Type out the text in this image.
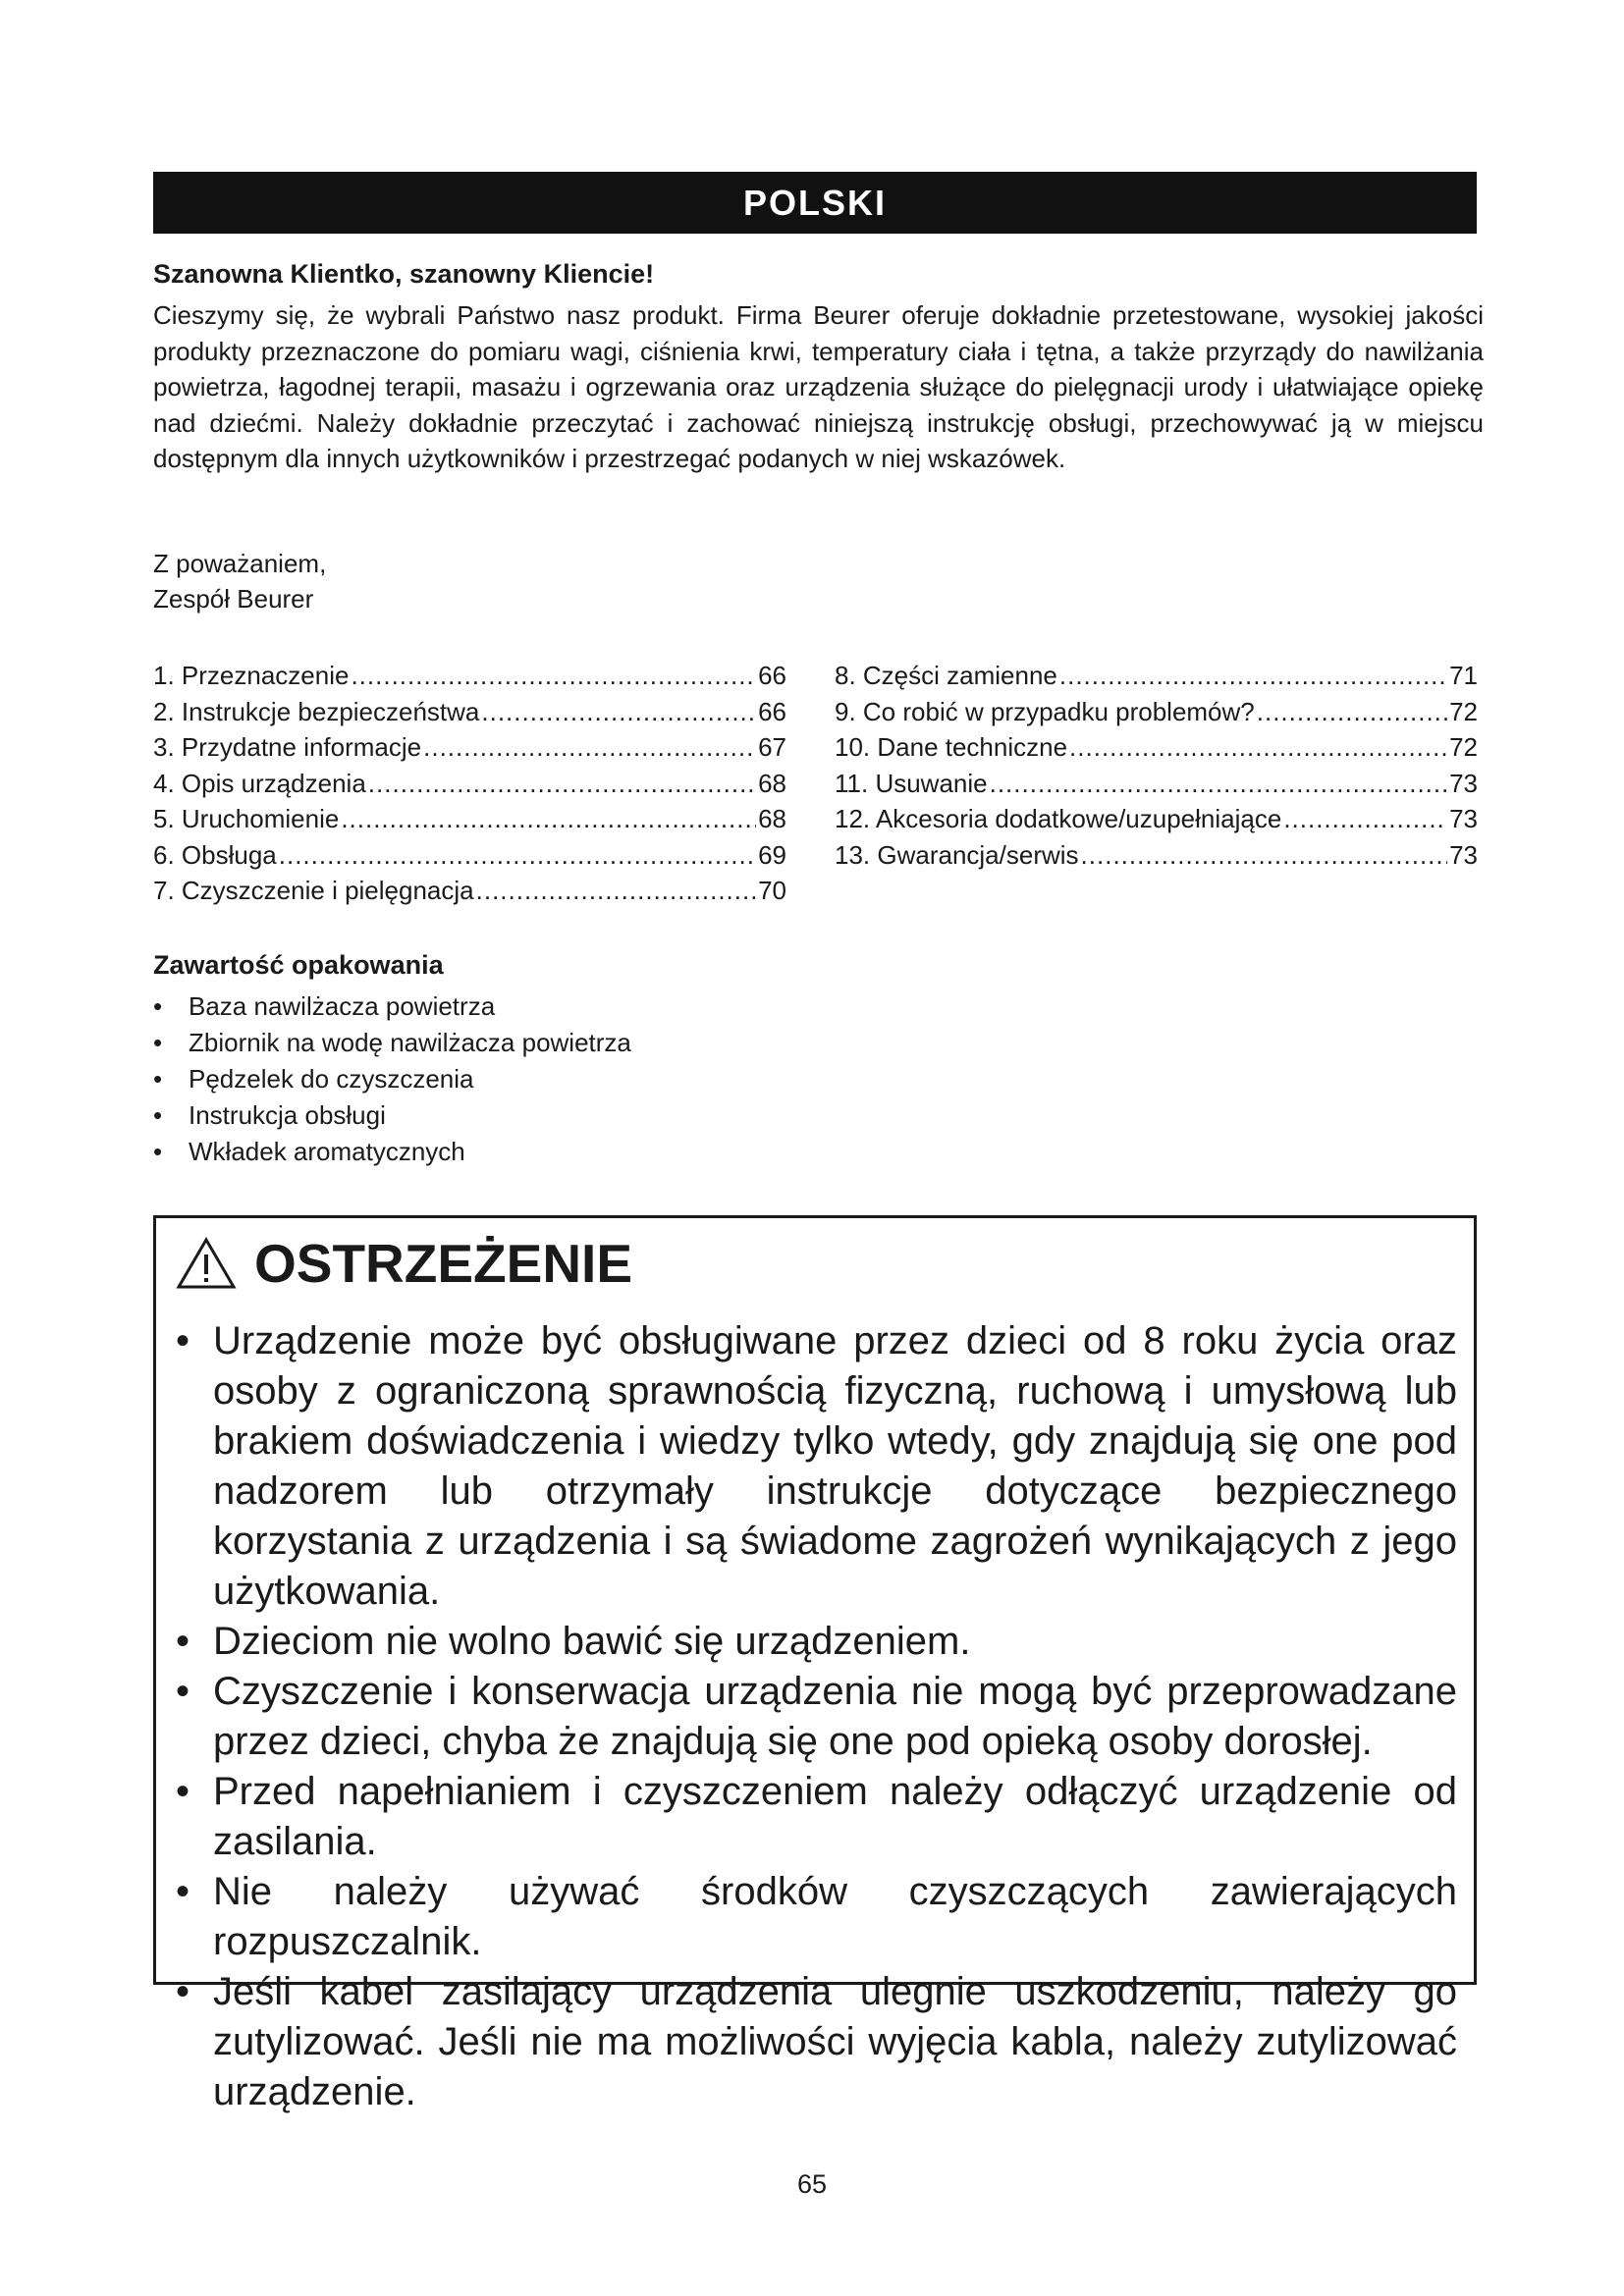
POLSKI
Szanowna Klientko, szanowny Kliencie!

Cieszymy się, że wybrali Państwo nasz produkt. Firma Beurer oferuje dokładnie przetestowane, wysokiej jakości produkty przeznaczone do pomiaru wagi, ciśnienia krwi, temperatury ciała i tętna, a także przyrządy do nawilżania powietrza, łagodnej terapii, masażu i ogrzewania oraz urządzenia służące do pielęgnacji urody i ułatwiające opiekę nad dziećmi. Należy dokładnie przeczytać i zachować niniejszą instrukcję obsługi, przechowywać ją w miejscu dostępnym dla innych użytkowników i przestrzegać podanych w niej wskazówek.

Z poważaniem,
Zespół Beurer
1. Przeznaczenie .....	66
2. Instrukcje bezpieczeństwa .....	66
3. Przydatne informacje .....	67
4. Opis urządzenia .....	68
5. Uruchomienie .....	68
6. Obsługa .....	69
7. Czyszczenie i pielęgnacja .....	70
8. Części zamienne .....	71
9. Co robić w przypadku problemów? .....	72
10. Dane techniczne .....	72
11. Usuwanie .....	73
12. Akcesoria dodatkowe/uzupełniające .....	73
13. Gwarancja/serwis .....	73
Zawartość opakowania
•	Baza nawilżacza powietrza
•	Zbiornik na wodę nawilżacza powietrza
•	Pędzelek do czyszczenia
•	Instrukcja obsługi
•	Wkładek aromatycznych
OSTRZEŻENIE
• Urządzenie może być obsługiwane przez dzieci od 8 roku życia oraz osoby z ograniczoną sprawnością fizyczną, ruchową i umysłową lub brakiem doświadczenia i wiedzy tylko wtedy, gdy znajdują się one pod nadzorem lub otrzymały instrukcje dotyczące bezpiecznego korzystania z urządzenia i są świadome zagrożeń wynikających z jego użytkowania.
• Dzieciom nie wolno bawić się urządzeniem.
• Czyszczenie i konserwacja urządzenia nie mogą być przeprowadzane przez dzieci, chyba że znajdują się one pod opieką osoby dorosłej.
• Przed napełnianiem i czyszczeniem należy odłączyć urządzenie od zasilania.
• Nie należy używać środków czyszczących zawierających rozpuszczalnik.
• Jeśli kabel zasilający urządzenia ulegnie uszkodzeniu, należy go zutylizować. Jeśli nie ma możliwości wyjęcia kabla, należy zutylizować urządzenie.
65
